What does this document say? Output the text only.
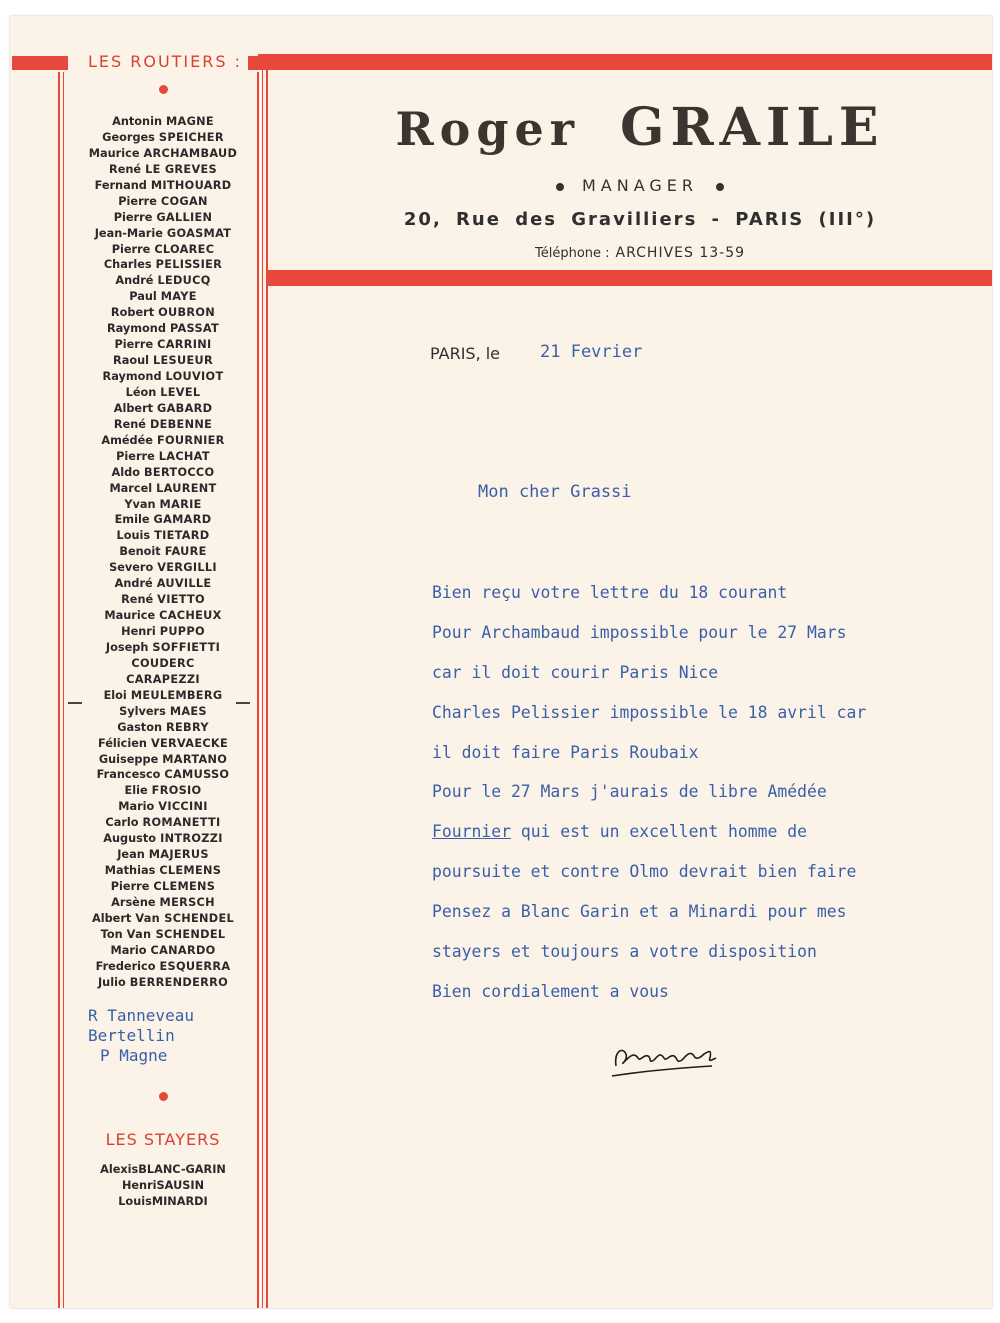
LES ROUTIERS :
Antonin MAGNE
Georges SPEICHER
Maurice ARCHAMBAUD
René LE GREVES
Fernand MITHOUARD
Pierre COGAN
Pierre GALLIEN
Jean-Marie GOASMAT
Pierre CLOAREC
Charles PELISSIER
André LEDUCQ
Paul MAYE
Robert OUBRON
Raymond PASSAT
Pierre CARRINI
Raoul LESUEUR
Raymond LOUVIOT
Léon LEVEL
Albert GABARD
René DEBENNE
Amédée FOURNIER
Pierre LACHAT
Aldo BERTOCCO
Marcel LAURENT
Yvan MARIE
Emile GAMARD
Louis TIETARD
Benoit FAURE
Severo VERGILLI
André AUVILLE
René VIETTO
Maurice CACHEUX
Henri PUPPO
Joseph SOFFIETTI
COUDERC
CARAPEZZI
Eloi MEULEMBERG
Sylvers MAES
Gaston REBRY
Félicien VERVAECKE
Guiseppe MARTANO
Francesco CAMUSSO
Elie FROSIO
Mario VICCINI
Carlo ROMANETTI
Augusto INTROZZI
Jean MAJERUS
Mathias CLEMENS
Pierre CLEMENS
Arsène MERSCH
Albert Van SCHENDEL
Ton Van SCHENDEL
Mario CANARDO
Frederico ESQUERRA
Julio BERRENDERRO
R Tanneveau
Bertellin
P Magne
LES STAYERS
AlexisBLANC-GARIN
HenriSAUSIN
LouisMINARDI
Roger GRAILE
MANAGER
20, Rue des Gravilliers - PARIS (III°)
Téléphone : ARCHIVES 13-59
PARIS, le 21 Fevrier
Mon cher Grassi
Bien reçu votre lettre du 18 courant
Pour Archambaud impossible pour le 27 Mars
car il doit courir Paris Nice
Charles Pelissier impossible le 18 avril car
il doit faire Paris Roubaix
Pour le 27 Mars j'aurais de libre Amédée
Fournier qui est un excellent homme de
poursuite et contre Olmo devrait bien faire
Pensez a Blanc Garin et a Minardi pour mes
stayers et toujours a votre disposition
Bien cordialement a vous
